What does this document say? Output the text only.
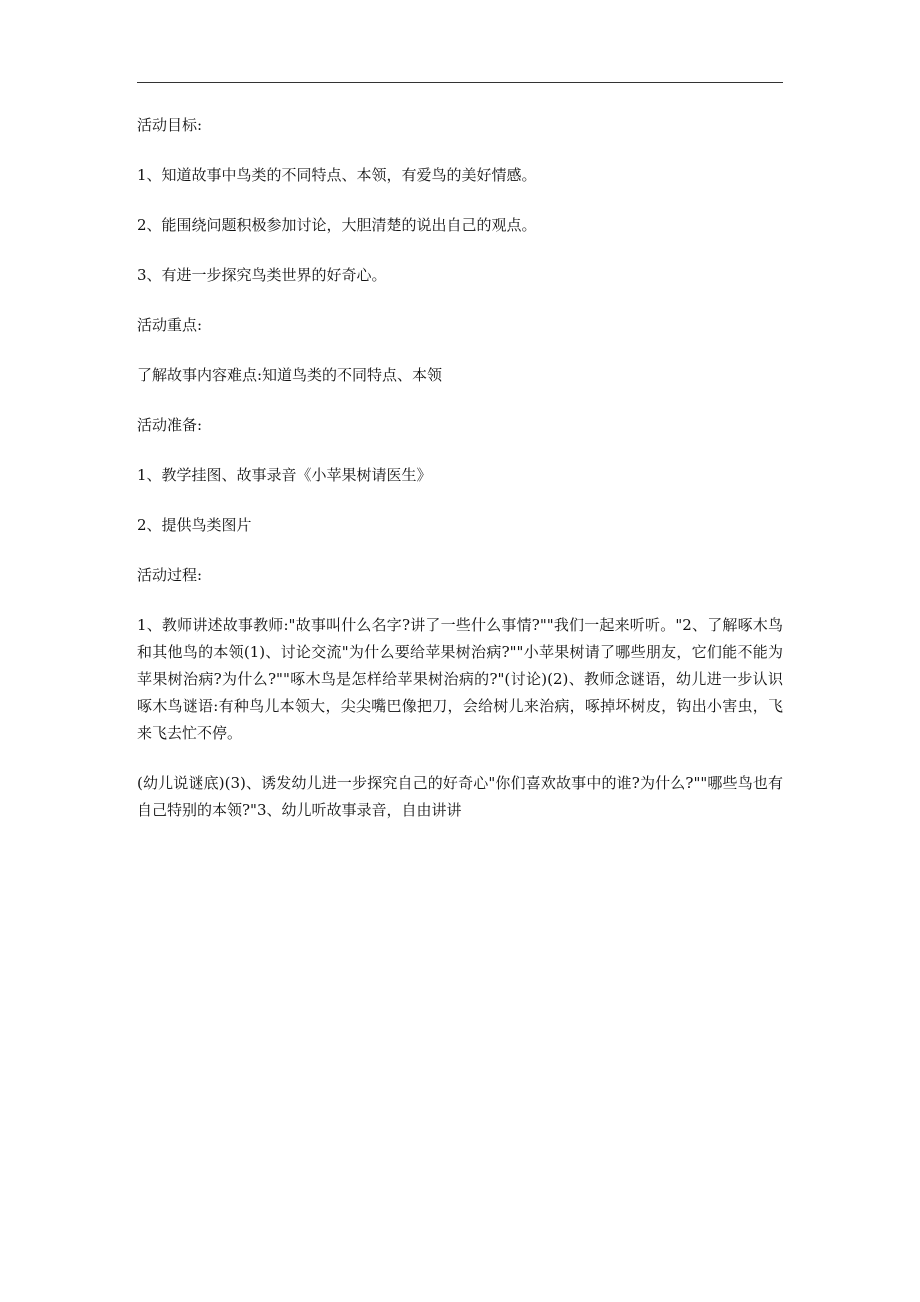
活动目标:

1、知道故事中鸟类的不同特点、本领，有爱鸟的美好情感。

2、能围绕问题积极参加讨论，大胆清楚的说出自己的观点。

3、有进一步探究鸟类世界的好奇心。

活动重点:

了解故事内容难点:知道鸟类的不同特点、本领

活动准备:

1、教学挂图、故事录音《小苹果树请医生》

2、提供鸟类图片

活动过程:

1、教师讲述故事教师:"故事叫什么名字?讲了一些什么事情?""我们一起来听听。"2、了解啄木鸟和其他鸟的本领(1)、讨论交流"为什么要给苹果树治病?""小苹果树请了哪些朋友，它们能不能为苹果树治病?为什么?""啄木鸟是怎样给苹果树治病的?"(讨论)(2)、教师念谜语，幼儿进一步认识啄木鸟谜语:有种鸟儿本领大，尖尖嘴巴像把刀，会给树儿来治病，啄掉坏树皮，钩出小害虫，飞来飞去忙不停。

(幼儿说谜底)(3)、诱发幼儿进一步探究自己的好奇心"你们喜欢故事中的谁?为什么?""哪些鸟也有自己特别的本领?"3、幼儿听故事录音，自由讲讲
